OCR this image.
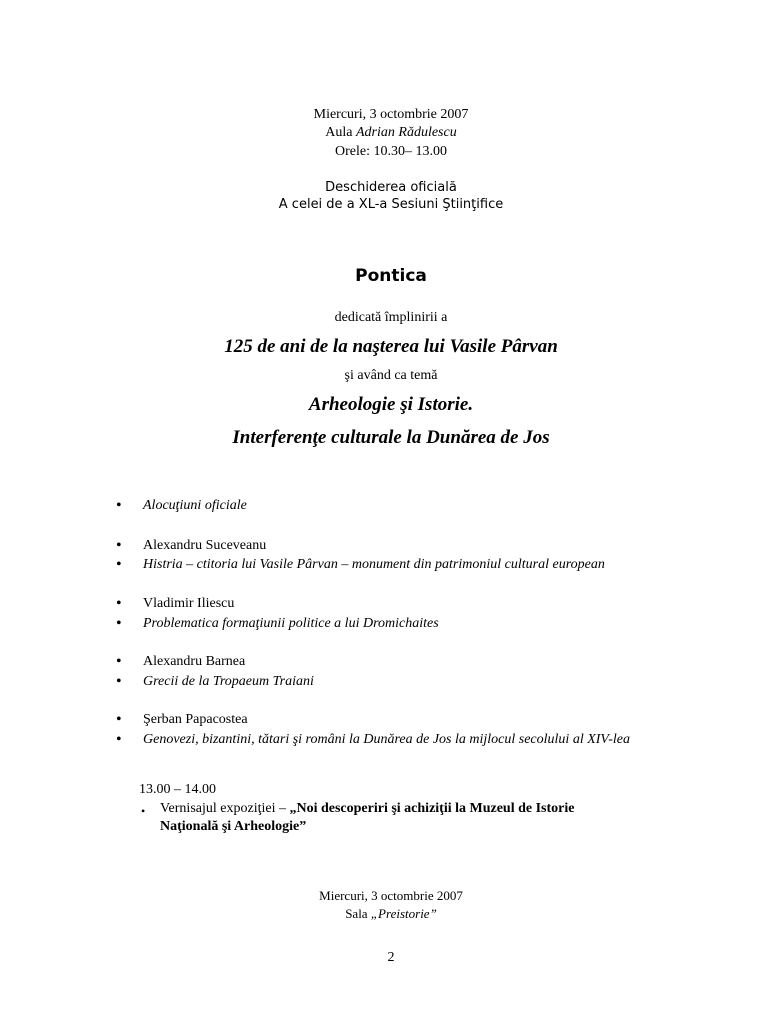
Miercuri, 3 octombrie 2007
Aula Adrian Rădulescu
Orele: 10.30– 13.00
Deschiderea oficială
A celei de a XL-a Sesiuni Ştiinţifice
Pontica
dedicată împlinirii a
125 de ani de la naşterea lui Vasile Pârvan
şi având ca temă
Arheologie şi Istorie.
Interferenţe culturale la Dunărea de Jos
• Alocuţiuni oficiale
• Alexandru Suceveanu
• Histria – ctitoria lui Vasile Pârvan – monument din patrimoniul cultural european
• Vladimir Iliescu
• Problematica formaţiunii politice a lui Dromichaites
• Alexandru Barnea
• Grecii de la Tropaeum Traiani
• Şerban Papacostea
• Genovezi, bizantini, tătari şi români la Dunărea de Jos la mijlocul secolului al XIV-lea
13.00 – 14.00
• Vernisajul expoziţiei – „Noi descoperiri şi achiziţii la Muzeul de Istorie
Naţională şi Arheologie”
Miercuri, 3 octombrie 2007
Sala „Preistorie”
2
